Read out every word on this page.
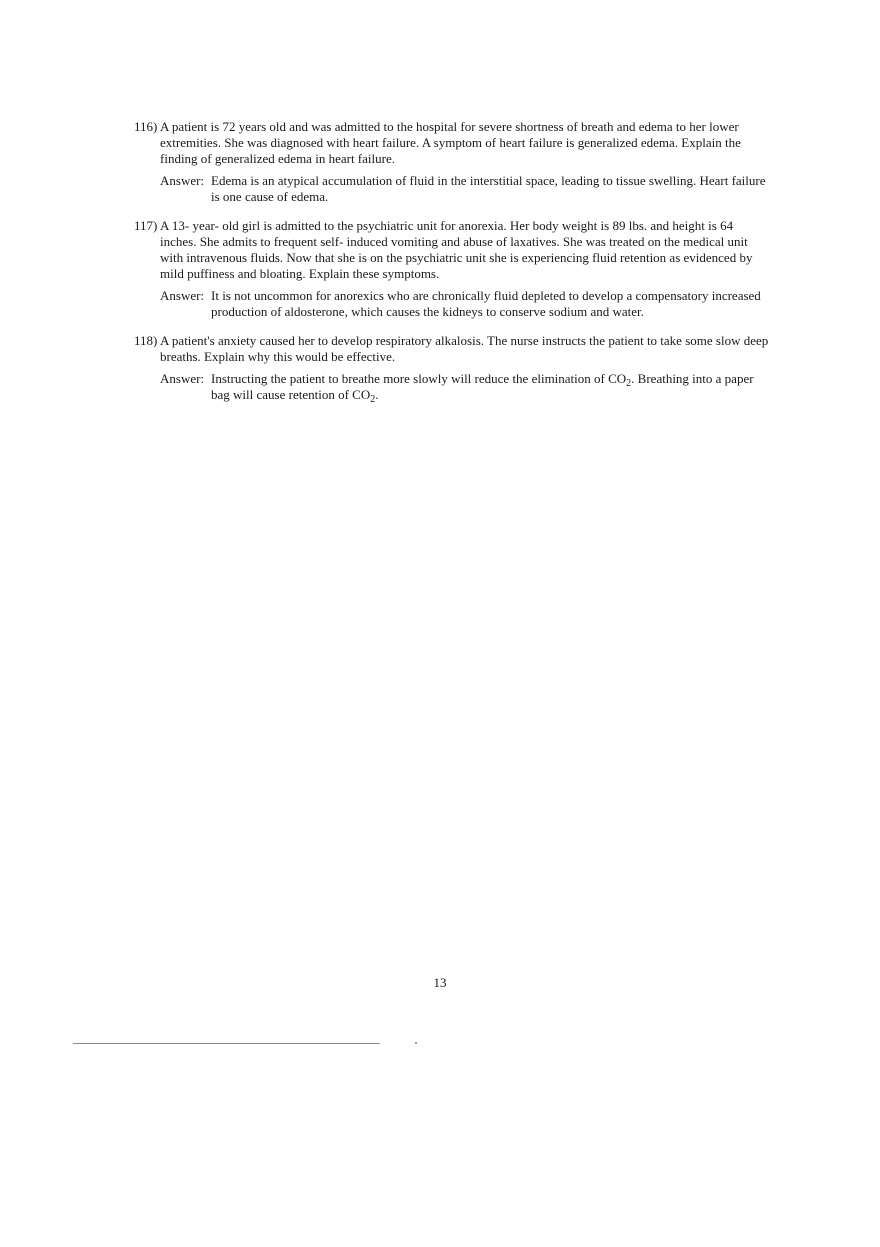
116) A patient is 72 years old and was admitted to the hospital for severe shortness of breath and edema to her lower extremities. She was diagnosed with heart failure. A symptom of heart failure is generalized edema. Explain the finding of generalized edema in heart failure.

Answer: Edema is an atypical accumulation of fluid in the interstitial space, leading to tissue swelling. Heart failure is one cause of edema.

117) A 13- year- old girl is admitted to the psychiatric unit for anorexia. Her body weight is 89 lbs. and height is 64 inches. She admits to frequent self- induced vomiting and abuse of laxatives. She was treated on the medical unit with intravenous fluids. Now that she is on the psychiatric unit she is experiencing fluid retention as evidenced by mild puffiness and bloating. Explain these symptoms.

Answer: It is not uncommon for anorexics who are chronically fluid depleted to develop a compensatory increased production of aldosterone, which causes the kidneys to conserve sodium and water.

118) A patient's anxiety caused her to develop respiratory alkalosis. The nurse instructs the patient to take some slow deep breaths. Explain why this would be effective.

Answer: Instructing the patient to breathe more slowly will reduce the elimination of $CO_2$. Breathing into a paper bag will cause retention of $CO_2$.
13
